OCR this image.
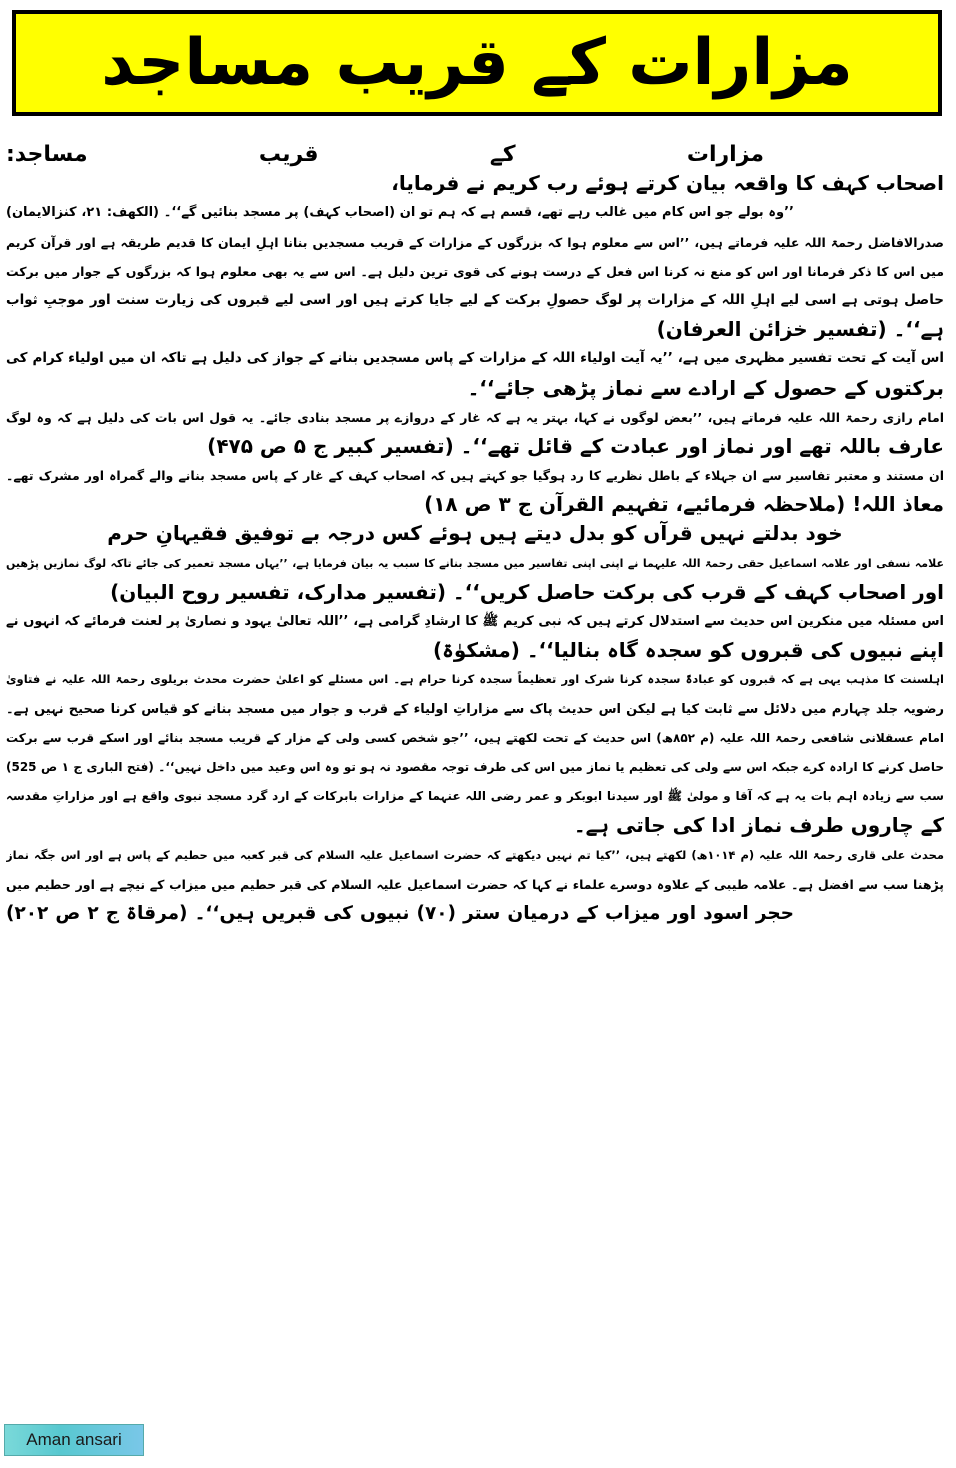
مزارات کے قریب مساجد
مزارات کے قریب مساجد:
اصحاب کہف کا واقعہ بیان کرتے ہوئے رب کریم نے فرمایا،
’’وہ بولے جو اس کام میں غالب رہے تھے، قسم ہے کہ ہم تو ان (اصحاب کہف) پر مسجد بنائیں گے‘‘۔ (الکھف: ۲۱، کنزالایمان)
صدرالافاضل رحمۃ اللہ علیہ فرماتے ہیں، ’’اس سے معلوم ہوا کہ بزرگوں کے مزارات کے قریب مسجدیں بنانا اہلِ ایمان کا قدیم طریقہ ہے اور قرآن کریم
میں اس کا ذکر فرمانا اور اس کو منع نہ کرنا اس فعل کے درست ہونے کی قوی ترین دلیل ہے۔ اس سے یہ بھی معلوم ہوا کہ بزرگوں کے جوار میں برکت
حاصل ہوتی ہے اسی لیے اہلِ اللہ کے مزارات پر لوگ حصولِ برکت کے لیے جایا کرتے ہیں اور اسی لیے قبروں کی زیارت سنت اور موجبِ ثواب
ہے‘‘۔ (تفسیر خزائن العرفان)
اس آیت کے تحت تفسیر مظہری میں ہے، ’’یہ آیت اولیاء اللہ کے مزارات کے پاس مسجدیں بنانے کے جواز کی دلیل ہے تاکہ ان میں اولیاء کرام کی
برکتوں کے حصول کے ارادے سے نماز پڑھی جائے‘‘۔
امام رازی رحمۃ اللہ علیہ فرماتے ہیں، ’’بعض لوگوں نے کہا، بہتر یہ ہے کہ غار کے دروازے پر مسجد بنادی جائے۔ یہ قول اس بات کی دلیل ہے کہ وہ لوگ
عارف باللہ تھے اور نماز اور عبادت کے قائل تھے‘‘۔ (تفسیر کبیر ج ۵ ص ۴۷۵)
ان مستند و معتبر تفاسیر سے ان جہلاء کے باطل نظریے کا رد ہوگیا جو کہتے ہیں کہ اصحاب کہف کے غار کے پاس مسجد بنانے والے گمراہ اور مشرک تھے۔
معاذ اللہ! (ملاحظہ فرمائیے، تفہیم القرآن ج ۳ ص ۱۸)
خود بدلتے نہیں قرآں کو بدل دیتے ہیں ہوئے کس درجہ بے توفیق فقیہانِ حرم
علامہ نسفی اور علامہ اسماعیل حقی رحمۃ اللہ علیہما نے اپنی اپنی تفاسیر میں مسجد بنانے کا سبب یہ بیان فرمایا ہے، ’’یہاں مسجد تعمیر کی جائے تاکہ لوگ نمازیں پڑھیں
اور اصحاب کہف کے قرب کی برکت حاصل کریں‘‘۔ (تفسیر مدارک، تفسیر روح البیان)
اس مسئلہ میں منکرین اس حدیث سے استدلال کرتے ہیں کہ نبی کریم ﷺ کا ارشادِ گرامی ہے، ’’اللہ تعالیٰ یہود و نصاریٰ پر لعنت فرمائے کہ انہوں نے
اپنے نبیوں کی قبروں کو سجدہ گاہ بنالیا‘‘۔ (مشکوٰۃ)
اہلسنت کا مذہب یہی ہے کہ قبروں کو عبادۃً سجدہ کرنا شرک اور تعظیماً سجدہ کرنا حرام ہے۔ اس مسئلے کو اعلیٰ حضرت محدث بریلوی رحمۃ اللہ علیہ نے فتاویٰ
رضویہ جلد چہارم میں دلائل سے ثابت کیا ہے لیکن اس حدیث پاک سے مزاراتِ اولیاء کے قرب و جوار میں مسجد بنانے کو قیاس کرنا صحیح نہیں ہے۔
امام عسقلانی شافعی رحمۃ اللہ علیہ (م ۸۵۲ھ) اس حدیث کے تحت لکھتے ہیں، ’’جو شخص کسی ولی کے مزار کے قریب مسجد بنائے اور اسکے قرب سے برکت
حاصل کرنے کا ارادہ کرے جبکہ اس سے ولی کی تعظیم یا نماز میں اس کی طرف توجہ مقصود نہ ہو تو وہ اس وعید میں داخل نہیں‘‘۔ (فتح الباری ج ۱ ص 525)
سب سے زیادہ اہم بات یہ ہے کہ آقا و مولیٰ ﷺ اور سیدنا ابوبکر و عمر رضی اللہ عنہما کے مزارات بابرکات کے ارد گرد مسجد نبوی واقع ہے اور مزاراتِ مقدسہ
کے چاروں طرف نماز ادا کی جاتی ہے۔
محدث علی قاری رحمۃ اللہ علیہ (م ۱۰۱۴ھ) لکھتے ہیں، ’’کیا تم نہیں دیکھتے کہ حضرت اسماعیل علیہ السلام کی قبر کعبہ میں حطیم کے پاس ہے اور اس جگہ نماز
پڑھنا سب سے افضل ہے۔ علامہ طیبی کے علاوہ دوسرے علماء نے کہا کہ حضرت اسماعیل علیہ السلام کی قبر حطیم میں میزاب کے نیچے ہے اور حطیم میں
حجر اسود اور میزاب کے درمیان ستر (۷۰) نبیوں کی قبریں ہیں‘‘۔ (مرقاۃ ج ۲ ص ۲۰۲)
Aman ansari
